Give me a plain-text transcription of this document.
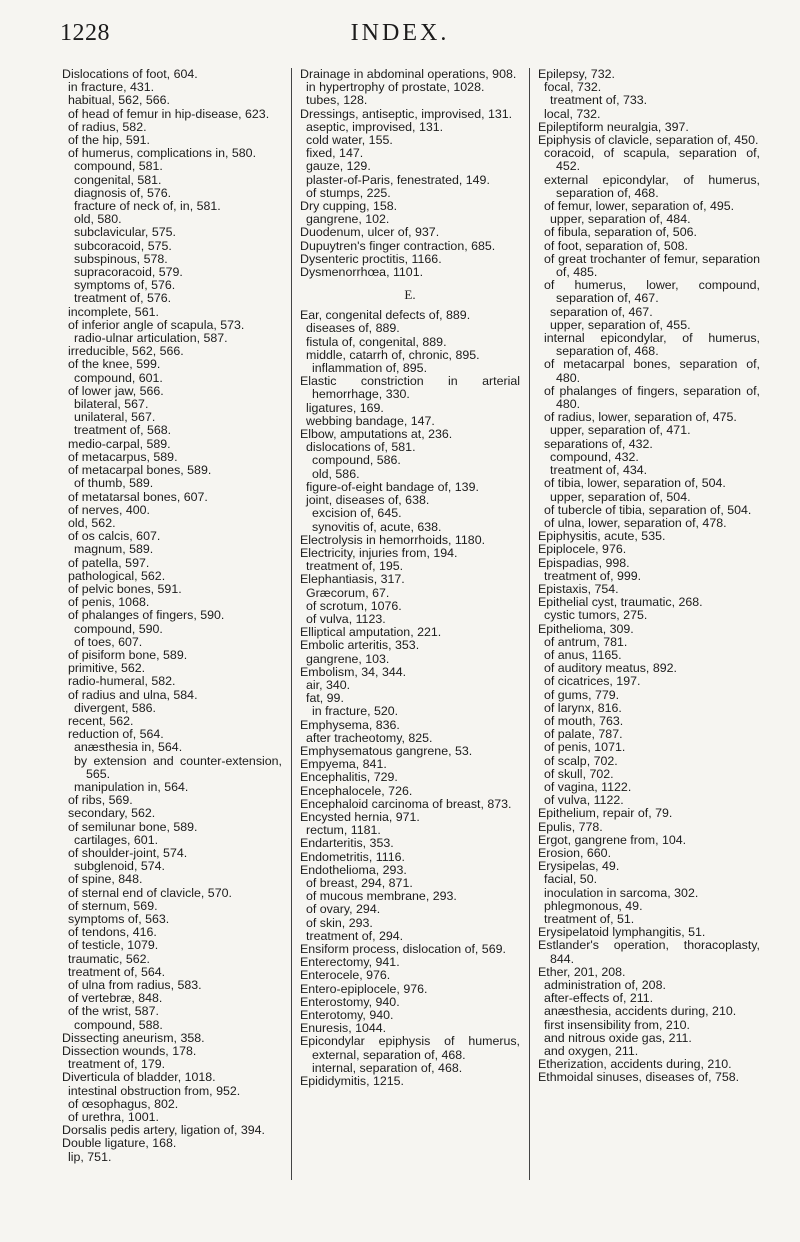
1228	INDEX.

Dislocations of foot, 604.

in fracture, 431.

habitual, 562, 566.

of head of femur in hip-disease, 623.

of radius, 582.

of the hip, 591.

of humerus, complications in, 580.

compound, 581.

congenital, 581.

diagnosis of, 576.

fracture of neck of, in, 581.

old, 580.

subclavicular, 575.

subcoracoid, 575.

subspinous, 578.

supracoracoid, 579.

symptoms of, 576.

treatment of, 576.

incomplete, 561.

of inferior angle of scapula, 573.

radio-ulnar articulation, 587.

irreducible, 562, 566.

of the knee, 599.

compound, 601.

of lower jaw, 566.

bilateral, 567.

unilateral, 567.

treatment of, 568.

medio-carpal, 589.

of metacarpus, 589.

of metacarpal bones, 589.

of thumb, 589.

of metatarsal bones, 607.

of nerves, 400.

old, 562.

of os calcis, 607.

magnum, 589.

of patella, 597.

pathological, 562.

of pelvic bones, 591.

of penis, 1068.

of phalanges of fingers, 590.

compound, 590.

of toes, 607.

of pisiform bone, 589.

primitive, 562.

radio-humeral, 582.

of radius and ulna, 584.

divergent, 586.

recent, 562.

reduction of, 564.

anæsthesia in, 564.

by extension and counter-extension, 565.

manipulation in, 564.

of ribs, 569.

secondary, 562.

of semilunar bone, 589.

cartilages, 601.

of shoulder-joint, 574.

subglenoid, 574.

of spine, 848.

of sternal end of clavicle, 570.

of sternum, 569.

symptoms of, 563.

of tendons, 416.

of testicle, 1079.

traumatic, 562.

treatment of, 564.

of ulna from radius, 583.

of vertebræ, 848.

of the wrist, 587.

compound, 588.

Dissecting aneurism, 358.

Dissection wounds, 178.

treatment of, 179.

Diverticula of bladder, 1018.

intestinal obstruction from, 952.

of œsophagus, 802.

of urethra, 1001.

Dorsalis pedis artery, ligation of, 394.

Double ligature, 168.

lip, 751.

Drainage in abdominal operations, 908.

in hypertrophy of prostate, 1028.

tubes, 128.

Dressings, antiseptic, improvised, 131.

aseptic, improvised, 131.

cold water, 155.

fixed, 147.

gauze, 129.

plaster-of-Paris, fenestrated, 149.

of stumps, 225.

Dry cupping, 158.

gangrene, 102.

Duodenum, ulcer of, 937.

Dupuytren's finger contraction, 685.

Dysenteric proctitis, 1166.

Dysmenorrhœa, 1101.

E.

Ear, congenital defects of, 889.

diseases of, 889.

fistula of, congenital, 889.

middle, catarrh of, chronic, 895.

inflammation of, 895.

Elastic constriction in arterial hemorrhage, 330.

ligatures, 169.

webbing bandage, 147.

Elbow, amputations at, 236.

dislocations of, 581.

compound, 586.

old, 586.

figure-of-eight bandage of, 139.

joint, diseases of, 638.

excision of, 645.

synovitis of, acute, 638.

Electrolysis in hemorrhoids, 1180.

Electricity, injuries from, 194.

treatment of, 195.

Elephantiasis, 317.

Græcorum, 67.

of scrotum, 1076.

of vulva, 1123.

Elliptical amputation, 221.

Embolic arteritis, 353.

gangrene, 103.

Embolism, 34, 344.

air, 340.

fat, 99.

in fracture, 520.

Emphysema, 836.

after tracheotomy, 825.

Emphysematous gangrene, 53.

Empyema, 841.

Encephalitis, 729.

Encephalocele, 726.

Encephaloid carcinoma of breast, 873.

Encysted hernia, 971.

rectum, 1181.

Endarteritis, 353.

Endometritis, 1116.

Endothelioma, 293.

of breast, 294, 871.

of mucous membrane, 293.

of ovary, 294.

of skin, 293.

treatment of, 294.

Ensiform process, dislocation of, 569.

Enterectomy, 941.

Enterocele, 976.

Entero-epiplocele, 976.

Enterostomy, 940.

Enterotomy, 940.

Enuresis, 1044.

Epicondylar epiphysis of humerus, external, separation of, 468.

internal, separation of, 468.

Epididymitis, 1215.

Epilepsy, 732.

focal, 732.

treatment of, 733.

local, 732.

Epileptiform neuralgia, 397.

Epiphysis of clavicle, separation of, 450.

coracoid, of scapula, separation of, 452.

external epicondylar, of humerus, separation of, 468.

of femur, lower, separation of, 495.

upper, separation of, 484.

of fibula, separation of, 506.

of foot, separation of, 508.

of great trochanter of femur, separation of, 485.

of humerus, lower, compound, separation of, 467.

separation of, 467.

upper, separation of, 455.

internal epicondylar, of humerus, separation of, 468.

of metacarpal bones, separation of, 480.

of phalanges of fingers, separation of, 480.

of radius, lower, separation of, 475.

upper, separation of, 471.

separations of, 432.

compound, 432.

treatment of, 434.

of tibia, lower, separation of, 504.

upper, separation of, 504.

of tubercle of tibia, separation of, 504.

of ulna, lower, separation of, 478.

Epiphysitis, acute, 535.

Epiplocele, 976.

Epispadias, 998.

treatment of, 999.

Epistaxis, 754.

Epithelial cyst, traumatic, 268.

cystic tumors, 275.

Epithelioma, 309.

of antrum, 781.

of anus, 1165.

of auditory meatus, 892.

of cicatrices, 197.

of gums, 779.

of larynx, 816.

of mouth, 763.

of palate, 787.

of penis, 1071.

of scalp, 702.

of skull, 702.

of vagina, 1122.

of vulva, 1122.

Epithelium, repair of, 79.

Epulis, 778.

Ergot, gangrene from, 104.

Erosion, 660.

Erysipelas, 49.

facial, 50.

inoculation in sarcoma, 302.

phlegmonous, 49.

treatment of, 51.

Erysipelatoid lymphangitis, 51.

Estlander's operation, thoracoplasty, 844.

Ether, 201, 208.

administration of, 208.

after-effects of, 211.

anæsthesia, accidents during, 210.

first insensibility from, 210.

and nitrous oxide gas, 211.

and oxygen, 211.

Etherization, accidents during, 210.

Ethmoidal sinuses, diseases of, 758.
